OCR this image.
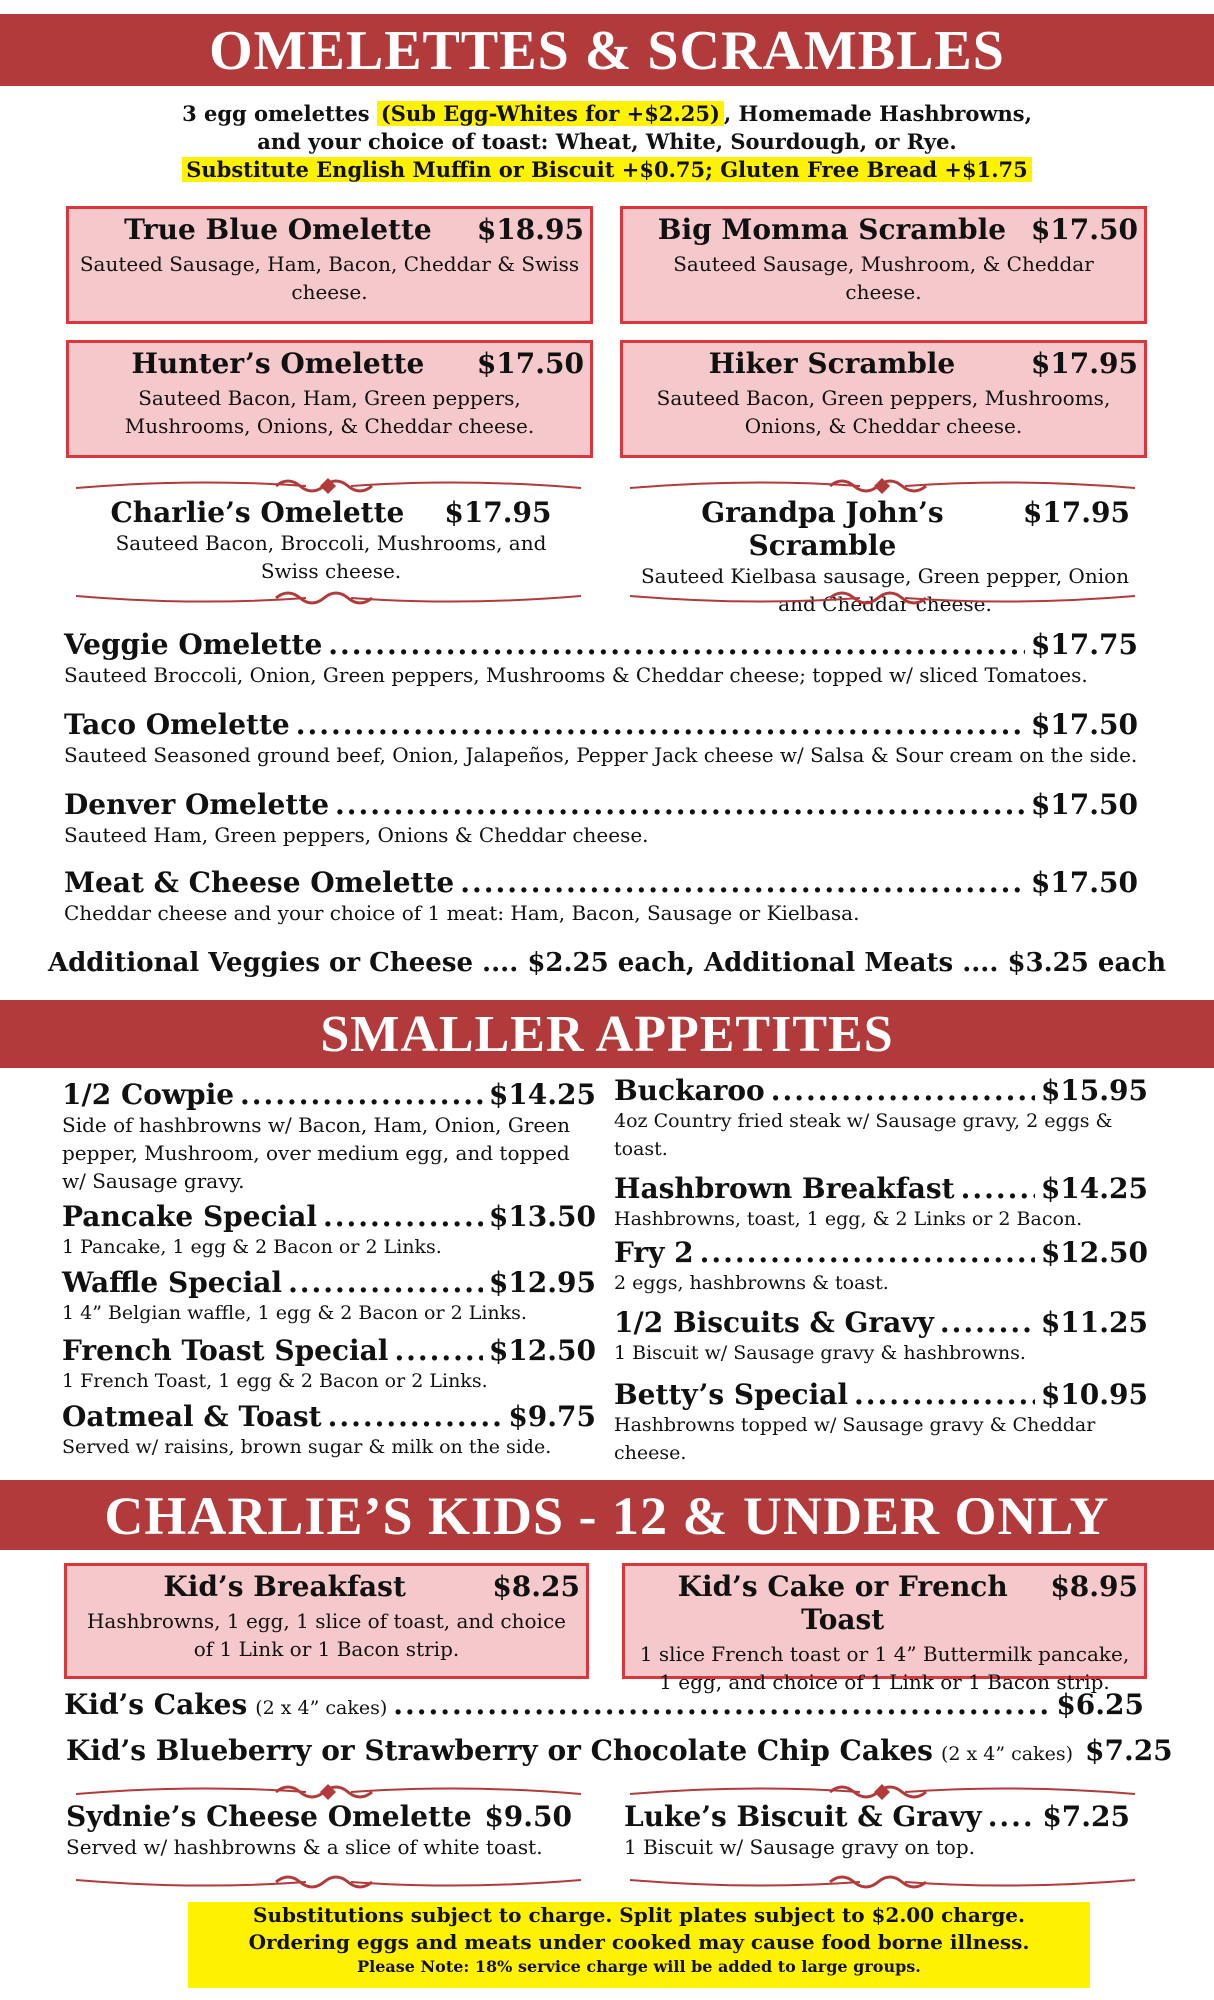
OMELETTES & SCRAMBLES
3 egg omelettes (Sub Egg-Whites for +$2.25) , Homemade Hashbrowns,
and your choice of toast: Wheat, White, Sourdough, or Rye.
Substitute English Muffin or Biscuit +$0.75; Gluten Free Bread +$1.75
True Blue Omelette	$18.95
Sauteed Sausage, Ham, Bacon, Cheddar & Swiss cheese.
Big Momma Scramble $17.50
Sauteed Sausage, Mushroom, & Cheddar cheese.
Hunter’s Omelette	$17.50
Sauteed Bacon, Ham, Green peppers, Mushrooms, Onions, & Cheddar cheese.
Hiker Scramble	$17.95
Sauteed Bacon, Green peppers, Mushrooms, Onions, & Cheddar cheese.
Charlie’s Omelette $17.95
Sauteed Bacon, Broccoli, Mushrooms, and Swiss cheese.
Grandpa John’s Scramble
$17.95
Sauteed Kielbasa sausage, Green pepper, Onion and Cheddar cheese.
Veggie Omelette .....	$17.75
Sauteed Broccoli, Onion, Green peppers, Mushrooms & Cheddar cheese; topped w/ sliced Tomatoes.
Taco Omelette .....	$17.50
Sauteed Seasoned ground beef, Onion, Jalapeños, Pepper Jack cheese w/ Salsa & Sour cream on the side.
Denver Omelette .....	$17.50
Sauteed Ham, Green peppers, Onions & Cheddar cheese.
Meat & Cheese Omelette .....	$17.50
Cheddar cheese and your choice of 1 meat: Ham, Bacon, Sausage or Kielbasa.
Additional Veggies or Cheese .... $2.25 each, Additional Meats .... $3.25 each
SMALLER APPETITES
1/2 Cowpie .....	$14.25
Side of hashbrowns w/ Bacon, Ham, Onion, Green pepper, Mushroom, over medium egg, and topped w/ Sausage gravy.
Pancake Special .....	$13.50
1 Pancake, 1 egg & 2 Bacon or 2 Links.
Waffle Special .....	$12.95
1 4” Belgian waffle, 1 egg & 2 Bacon or 2 Links.
French Toast Special .....	$12.50
1 French Toast, 1 egg & 2 Bacon or 2 Links.
Oatmeal & Toast .....	$9.75
Served w/ raisins, brown sugar & milk on the side.
Buckaroo .....	$15.95
4oz Country fried steak w/ Sausage gravy, 2 eggs & toast.
Hashbrown Breakfast .....	$14.25
Hashbrowns, toast, 1 egg, & 2 Links or 2 Bacon.
Fry 2 .....	$12.50
2 eggs, hashbrowns & toast.
1/2 Biscuits & Gravy .....	$11.25
1 Biscuit w/ Sausage gravy & hashbrowns.
Betty’s Special .....	$10.95
Hashbrowns topped w/ Sausage gravy & Cheddar cheese.
CHARLIE’S KIDS - 12 & UNDER ONLY
Kid’s Breakfast	$8.25
Hashbrowns, 1 egg, 1 slice of toast, and choice of 1 Link or 1 Bacon strip.
Kid’s Cake or French Toast
$8.95
1 slice French toast or 1 4” Buttermilk pancake, 1 egg, and choice of 1 Link or 1 Bacon strip.
Kid’s Cakes (2 x 4” cakes) .....	$6.25
Kid’s Blueberry or Strawberry or Chocolate Chip Cakes (2 x 4” cakes) $7.25
Sydnie’s Cheese Omelette ..... $9.50
Served w/ hashbrowns & a slice of white toast.
Luke’s Biscuit & Gravy ..... $7.25
1 Biscuit w/ Sausage gravy on top.
Substitutions subject to charge. Split plates subject to $2.00 charge.
Ordering eggs and meats under cooked may cause food borne illness.
Please Note: 18% service charge will be added to large groups.
